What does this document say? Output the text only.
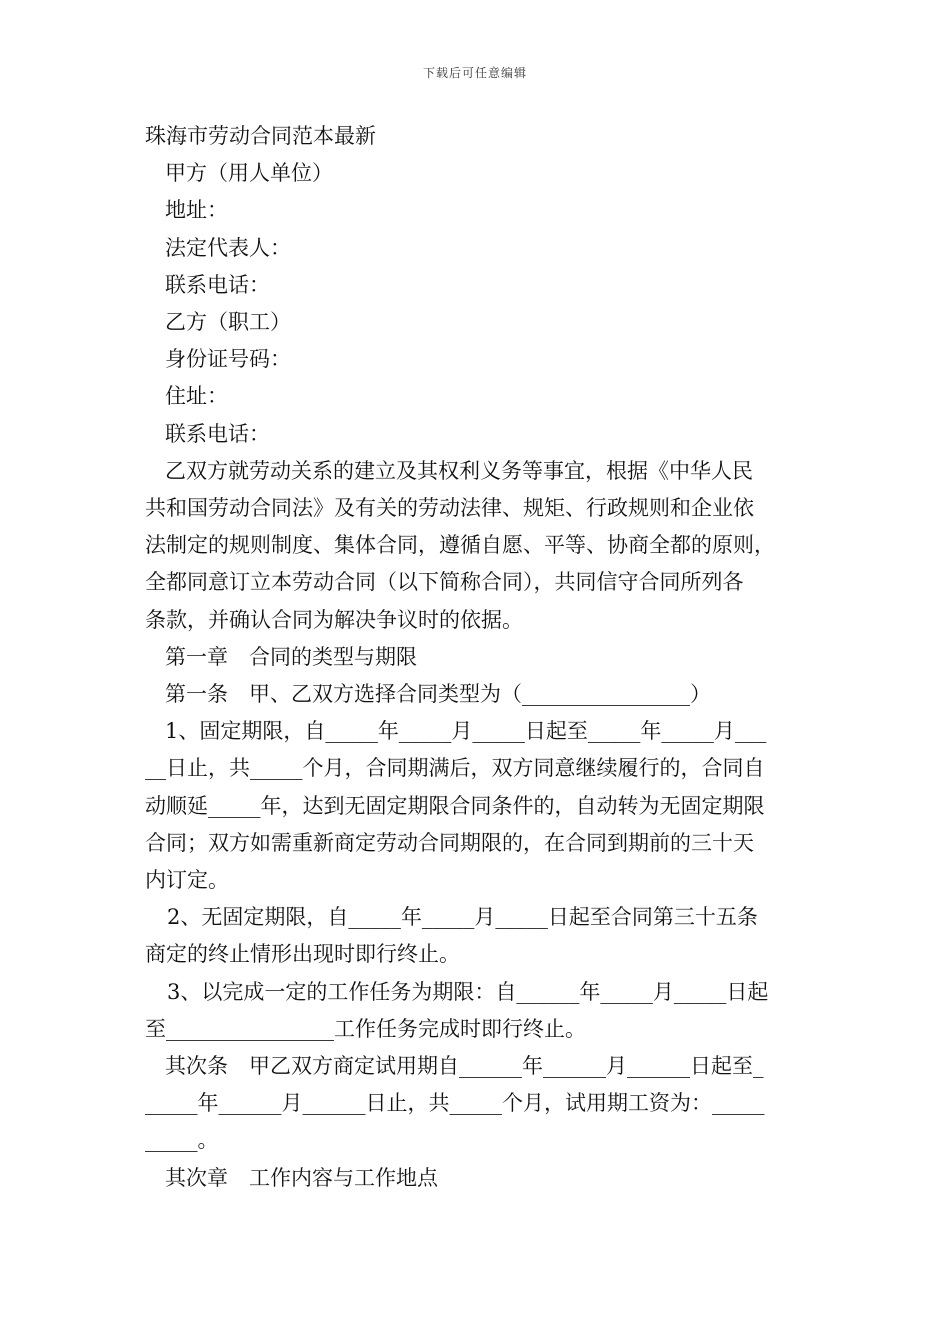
下载后可任意编辑

珠海市劳动合同范本最新

甲方（用人单位）

地址：

法定代表人：

联系电话：

乙方（职工）

身份证号码：

住址：

联系电话：

乙双方就劳动关系的建立及其权利义务等事宜，根据《中华人民

共和国劳动合同法》及有关的劳动法律、规矩、行政规则和企业依

法制定的规则制度、集体合同，遵循自愿、平等、协商全都的原则，

全都同意订立本劳动合同（以下简称合同），共同信守合同所列各

条款，并确认合同为解决争议时的依据。

第一章　合同的类型与期限

第一条　甲、乙双方选择合同类型为（________________）

1、固定期限，自_____年_____月_____日起至_____年_____月___

__日止，共_____个月，合同期满后，双方同意继续履行的，合同自

动顺延_____年，达到无固定期限合同条件的，自动转为无固定期限

合同；双方如需重新商定劳动合同期限的，在合同到期前的三十天

内订定。

2、无固定期限，自_____年_____月_____日起至合同第三十五条

商定的终止情形出现时即行终止。

3、以完成一定的工作任务为期限：自______年_____月_____日起

至________________工作任务完成时即行终止。

其次条　甲乙双方商定试用期自______年______月______日起至_

_____年______月______日止，共_____个月，试用期工资为：_____

_____。

其次章　工作内容与工作地点
